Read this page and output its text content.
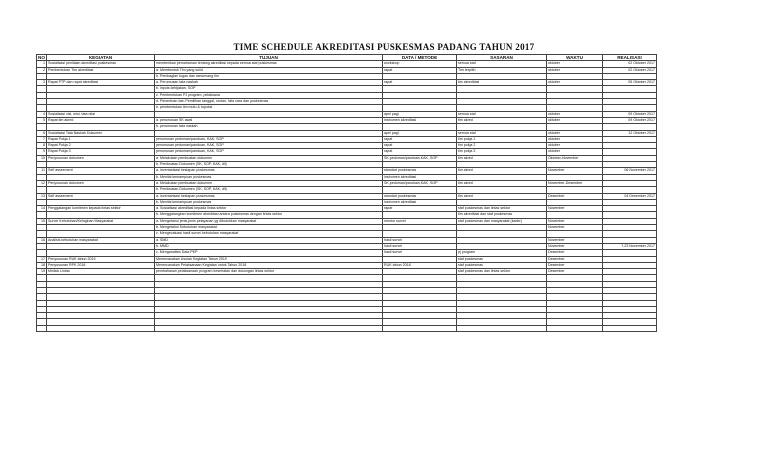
TIME SCHEDULE AKREDITASI PUSKESMAS PADANG TAHUN 2017
NO	KEGIATAN	TUJUAN	DATA / METODE	SASARAN	WAKTU	REALISASI
1	Sosialisasi penilaian akreditasi puskesmas	memberikan pemahaman tentang akreditasi kepada semua staf puskesmas	workshop	semua staf	oktober	02 Oktober 2017
2	Pembentukan Tim akreditasi	a. Membentuk Tim yang solid	rapat	Tim terpilih	oktober	02 Oktober 2017
		b. Pembagian tugas dan wewenang tim				
3	Rapat PTP dan rapat akreditasi	a. Perumusan tata naskah	rapat	tim akreditasi	oktober	05 Oktober 2017
		b. inputs kebijakan, SOP				
		c. Pembentukan PJ program, pelaksana				
		d. Penentuan dan Pemilihan tanggal, urutan, tata cara dan puskesmas				
		e. pembentukan tim mutu & tupoksi				
4	Sosialisasi visi, misi, tata nilai		apel pagi	semua staf	oktober	09 Oktober 2017
5	Rapat tim akred	a. perumusan SK awal	instrumen akreditasi	tim akred	oktober	09 Oktober 2017
		b. perumusan tata naskah				
6	Sosialisasi Tata Naskah Dokumen		apel pagi	semua staf	oktober	12 Oktober 2017
7	Rapat Pokja 1	perumusan pedoman/panduan, KAK, SOP	rapat	tim pokja 1	oktober	
8	Rapat Pokja 2	perumusan pedoman/panduan, KAK, SOP	rapat	tim pokja 2	oktober	
9	Rapat Pokja 3	perumusan pedoman/panduan, KAK, SOP	rapat	tim pokja 3	oktober	
10	Penyusunan dokumen	a. Melakukan pembuatan dokumen	SK,pedoman/panduan,KAK, SOP	tim akred	Oktober-November	
		b. Pembuatan Dokumen (SK, SOP, KAK, dll)				
11	Self assesment	a. inventarisasi kesiapan puskesmas	standart puskesmas	tim akred	November	06 November 2017
		b. Menilai kemampuan puskesmas	instrumen akreditasi			
12	Penyusunan dokumen	a. Melakukan pembuatan dokumen	SK,pedoman/panduan,KAK, SOP	tim akred	November-Desember	
		b. Pembuatan Dokumen (SK, SOP, KAK, dll)				
13	Self assesment	a. inventarisasi kesiapan puskesmas	standart puskesmas	tim akred	Desember	04 Desember 2017
		b. Menilai kemampuan puskesmas	instrumen akreditasi			
14	Penggalangan komitmen kepada lintas sektor	a. Sosialisasi akreditasi kepada lintas sektor	rapat	staf puskesmas dan lintas sektor	November	
		b. Menggalangkan komitmen akreditasi antara puskesmas dengan lintas sektor		tim akreditasi dan staf puskesmas		
15	Survei Kebutuhan/Keinginan Masyarakat	a. Mengetahui jenis-jenis pelayanan yg dibutuhkan masyarakat	mentor survei	staf puskesmas dan masyarakat (kader)	November	
		b. Mengetahui Kebutuhan masyarakat			November	
		c. Mengevaluasi hasil survei kebutuhan masyarakat				
16	Analisis kebutuhan masyarakat	a. SMD	hasil survei		November	
		b. MMD	hasil survei		November	7-23 November 2017
		c. Menganalisis Data PKP	hasil survei	pj program	Desember	
17	Penyusunan RUK tahun 2019	Merencanakan Usulan Kegiatan Tahun 2019		staf puskesmas	Desember	
18	Penyusunan RPK 2018	Merencanakan Pelaksanaan Kegiatan untuk Tahun 2018	RUK tahun 2018	staf puskesmas	Desember	
19	Minilok Lintas	pembahasan pelaksanaan program kesehatan dan dukungan lintas sektor		staf puskesmas dan lintas sektor	Desember	
